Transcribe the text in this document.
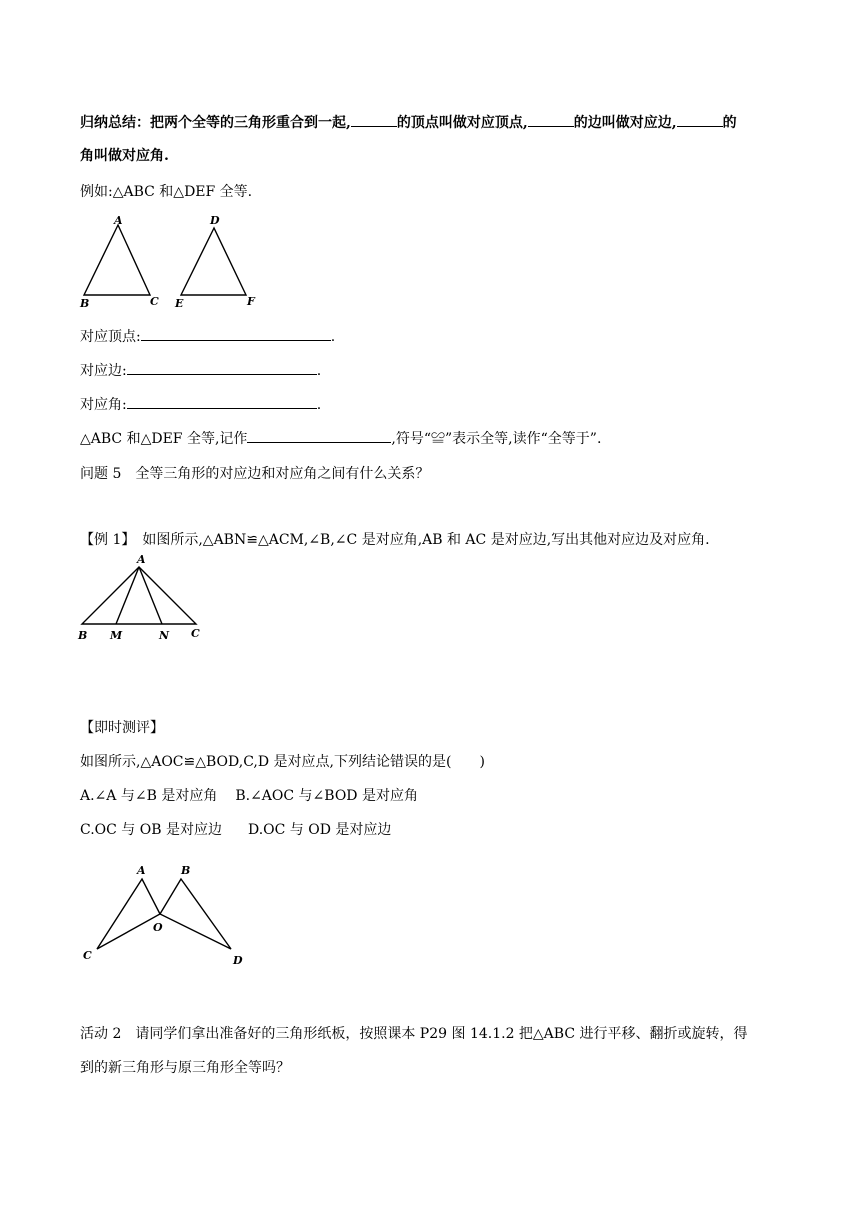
归纳总结：把两个全等的三角形重合到一起,	的顶点叫做对应顶点,	的边叫做对应边,	的
角叫做对应角.
例如:△ABC 和△DEF 全等.
A
B	C
D
E	F
对应顶点:	.
对应边:	.
对应角:	.
△ABC 和△DEF 全等,记作	,符号“≌”表示全等,读作“全等于”.
问题 5　全等三角形的对应边和对应角之间有什么关系？
【例 1】　如图所示,△ABN≌△ACM,∠B,∠C 是对应角,AB 和 AC 是对应边,写出其他对应边及对应角.
A
B M	N C
【即时测评】
如图所示,△AOC≌△BOD,C,D 是对应点,下列结论错误的是(　　)
A.∠A 与∠B 是对应角 B.∠AOC 与∠BOD 是对应角
C.OC 与 OB 是对应边 D.OC 与 OD 是对应边
A	B
O
C	D
活动 2　请同学们拿出准备好的三角形纸板，按照课本 P29 图 14.1.2 把△ABC 进行平移、翻折或旋转，得
到的新三角形与原三角形全等吗？
